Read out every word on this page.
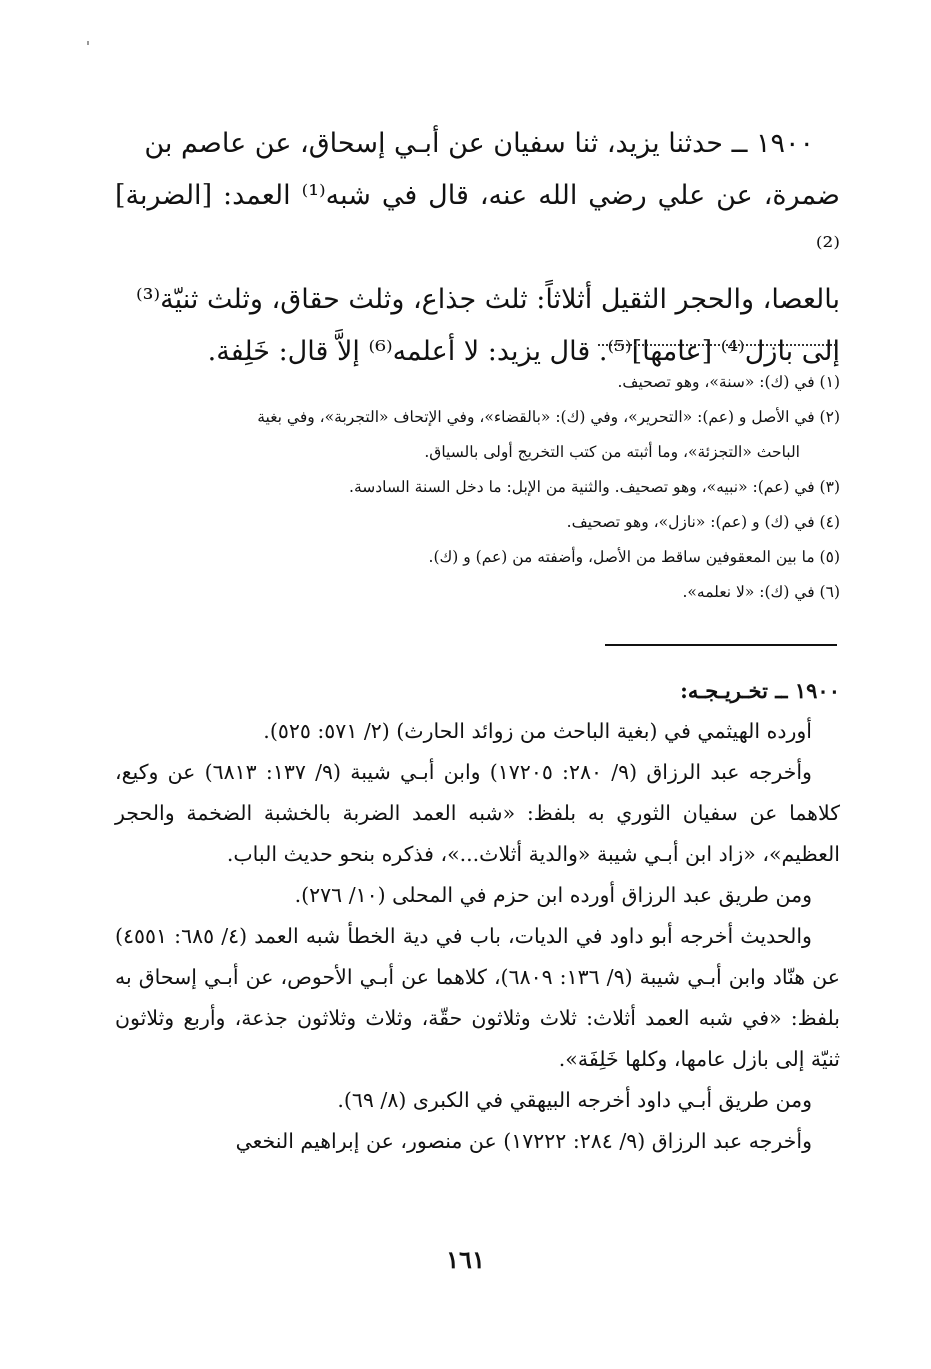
١٩٠٠ ــ حدثنا يزيد، ثنا سفيان عن أبـي إسحاق، عن عاصم بن

ضمرة، عن علي رضي الله عنه، قال في شبه⁽¹⁾ العمد: [الضربة]⁽²⁾

بالعصا، والحجر الثقيل أثلاثاً: ثلث جذاع، وثلث حقاق، وثلث ثنيّة⁽³⁾

إلى بازل⁽⁴⁾ [عامها]⁽⁵⁾. قال يزيد: لا أعلمه⁽⁶⁾ إلاَّ قال: خَلِفة.

(١) في (ك): «سنة»، وهو تصحيف.
(٢) في الأصل و (عم): «التحرير»، وفي (ك): «بالقضاء»، وفي الإتحاف «التجربة»، وفي بغية
الباحث «التجزئة»، وما أثبته من كتب التخريج أولى بالسياق.
(٣) في (عم): «نبيه»، وهو تصحيف. والثنية من الإبل: ما دخل السنة السادسة.
(٤) في (ك) و (عم): «نازل»، وهو تصحيف.
(٥) ما بين المعقوفين ساقط من الأصل، وأضفته من (عم) و (ك).
(٦) في (ك): «لا نعلمه».

١٩٠٠ ــ تخـريـجـه:

أورده الهيثمي في (بغية الباحث من زوائد الحارث) (٢/ ٥٧١: ٥٢٥).

وأخرجه عبد الرزاق (٩/ ٢٨٠: ١٧٢٠٥) وابن أبـي شيبة (٩/ ١٣٧: ٦٨١٣) عن وكيع، كلاهما عن سفيان الثوري به بلفظ: «شبه العمد الضربة بالخشبة الضخمة والحجر العظيم»، «زاد ابن أبـي شيبة «والدية أثلاث...»، فذكره بنحو حديث الباب.

ومن طريق عبد الرزاق أورده ابن حزم في المحلى (١٠/ ٢٧٦).

والحديث أخرجه أبو داود في الديات، باب في دية الخطأ شبه العمد (٤/ ٦٨٥: ٤٥٥١) عن هنّاد وابن أبـي شيبة (٩/ ١٣٦: ٦٨٠٩)، كلاهما عن أبـي الأحوص، عن أبـي إسحاق به بلفظ: «في شبه العمد أثلاث: ثلاث وثلاثون حقّة، وثلاث وثلاثون جذعة، وأربع وثلاثون ثنيّة إلى بازل عامها، وكلها خَلِفَة».

ومن طريق أبـي داود أخرجه البيهقي في الكبرى (٨/ ٦٩).

وأخرجه عبد الرزاق (٩/ ٢٨٤: ١٧٢٢٢) عن منصور، عن إبراهيم النخعي

١٦١
